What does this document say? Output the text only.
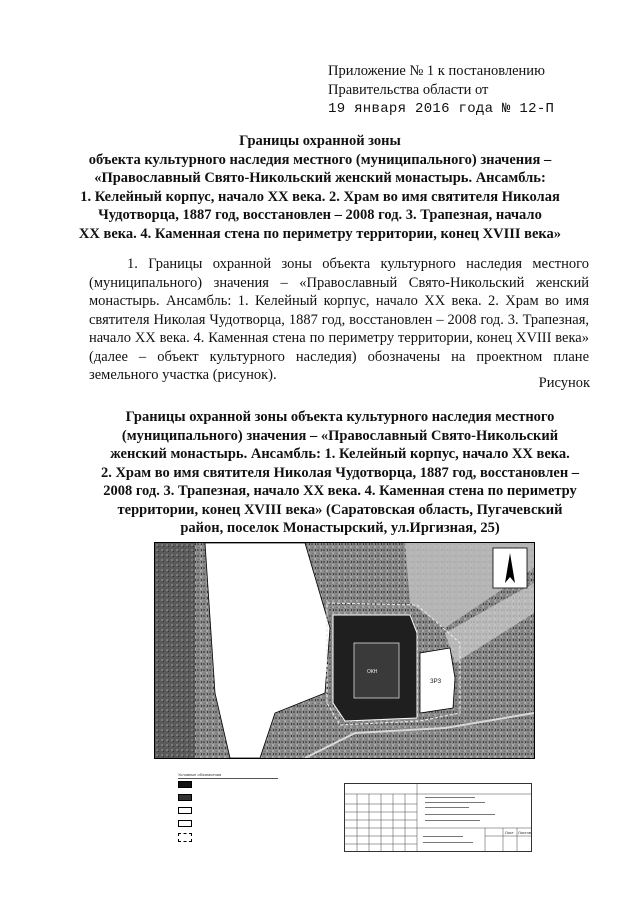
Приложение № 1 к постановлению
Правительства области от
19 января 2016 года № 12-П
Границы охранной зоны
объекта культурного наследия местного (муниципального) значения –
«Православный Свято-Никольский женский монастырь. Ансамбль:
1. Келейный корпус, начало XX века. 2. Храм во имя святителя Николая
Чудотворца, 1887 год, восстановлен – 2008 год. 3. Трапезная, начало
XX века. 4. Каменная стена по периметру территории, конец XVIII века»
1. Границы охранной зоны объекта культурного наследия местного (муниципального) значения – «Православный Свято-Никольский женский монастырь. Ансамбль: 1. Келейный корпус, начало XX века. 2. Храм во имя святителя Николая Чудотворца, 1887 год, восстановлен – 2008 год. 3. Трапезная, начало XX века. 4. Каменная стена по периметру территории, конец XVIII века» (далее – объект культурного наследия) обозначены на проектном плане земельного участка (рисунок).	Рисунок
Границы охранной зоны объекта культурного наследия местного
(муниципального) значения – «Православный Свято-Никольский
женский монастырь. Ансамбль: 1. Келейный корпус, начало XX века.
2. Храм во имя святителя Николая Чудотворца, 1887 год, восстановлен –
2008 год. 3. Трапезная, начало XX века. 4. Каменная стена по периметру
территории, конец XVIII века» (Саратовская область, Пугачевский
район, поселок Монастырский, ул.Иргизная, 25)
ЗРЗ
ОКН
Условные обозначения
Лист Листов
